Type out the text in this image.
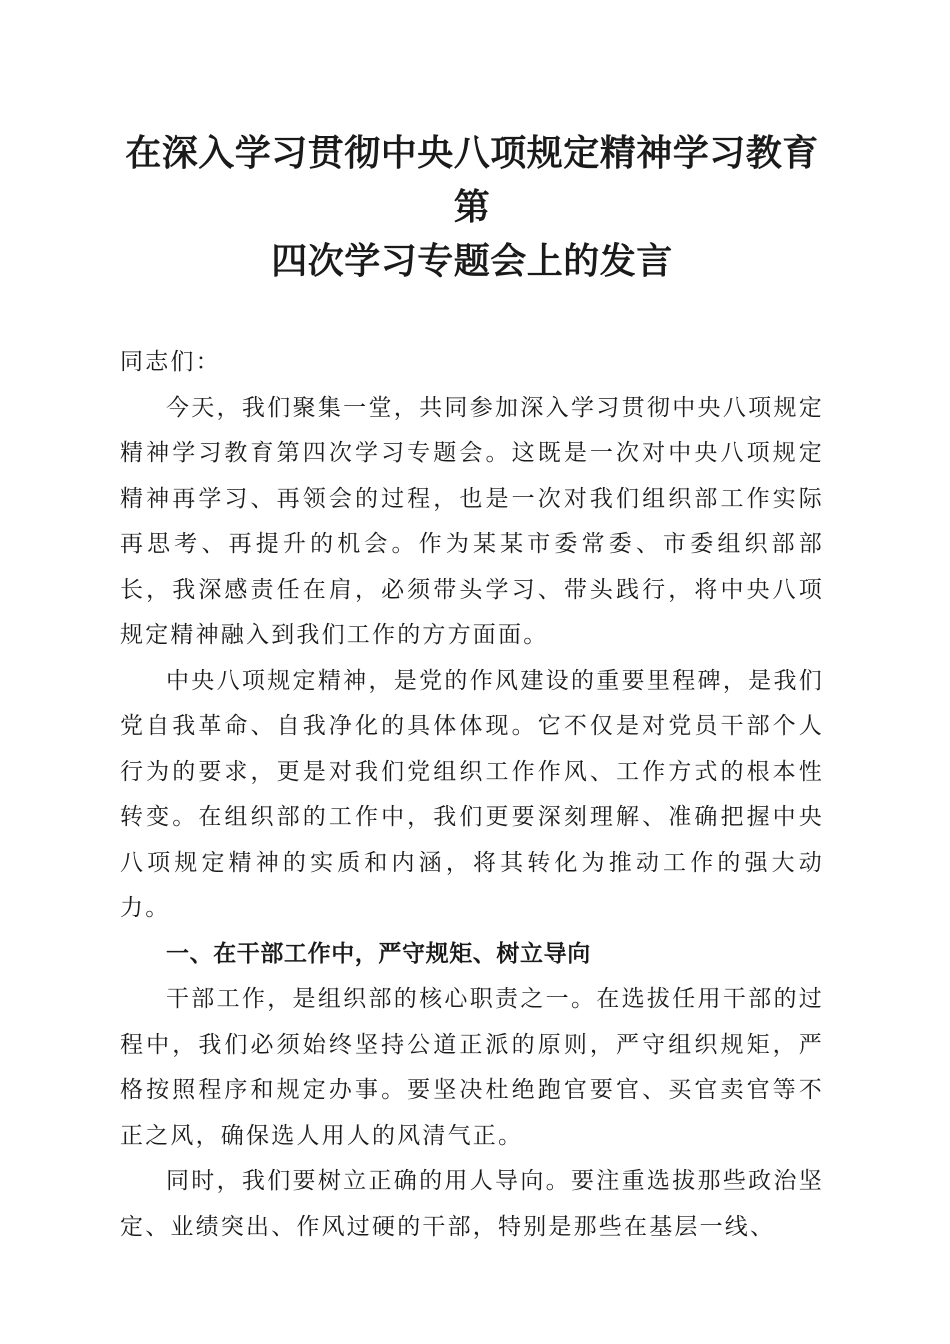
在深入学习贯彻中央八项规定精神学习教育第
四次学习专题会上的发言

同志们：

今天，我们聚集一堂，共同参加深入学习贯彻中央八项规定精神学习教育第四次学习专题会。这既是一次对中央八项规定精神再学习、再领会的过程，也是一次对我们组织部工作实际再思考、再提升的机会。作为某某市委常委、市委组织部部长，我深感责任在肩，必须带头学习、带头践行，将中央八项规定精神融入到我们工作的方方面面。

中央八项规定精神，是党的作风建设的重要里程碑，是我们党自我革命、自我净化的具体体现。它不仅是对党员干部个人行为的要求，更是对我们党组织工作作风、工作方式的根本性转变。在组织部的工作中，我们更要深刻理解、准确把握中央八项规定精神的实质和内涵，将其转化为推动工作的强大动力。

一、在干部工作中，严守规矩、树立导向

干部工作，是组织部的核心职责之一。在选拔任用干部的过程中，我们必须始终坚持公道正派的原则，严守组织规矩，严格按照程序和规定办事。要坚决杜绝跑官要官、买官卖官等不正之风，确保选人用人的风清气正。

同时，我们要树立正确的用人导向。要注重选拔那些政治坚定、业绩突出、作风过硬的干部，特别是那些在基层一线、
